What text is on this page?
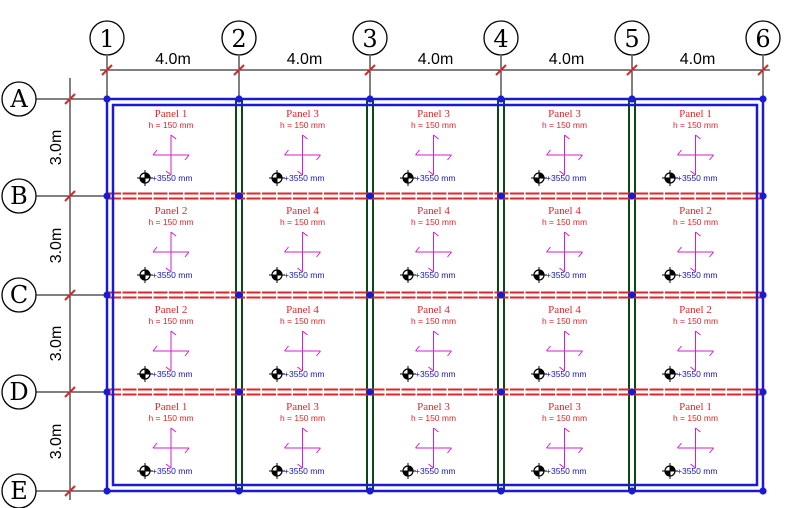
4.0m	4.0m	4.0m	4.0m	4.0m
3.0m
3.0m
3.0m
3.0m
Panel 1
h = 150 mm
+3550 mm
Panel 3
h = 150 mm
+3550 mm
Panel 3
h = 150 mm
+3550 mm
Panel 3
h = 150 mm
+3550 mm
Panel 1
h = 150 mm
+3550 mm
Panel 2
h = 150 mm
+3550 mm
Panel 4
h = 150 mm
+3550 mm
Panel 4
h = 150 mm
+3550 mm
Panel 4
h = 150 mm
+3550 mm
Panel 2
h = 150 mm
+3550 mm
Panel 2
h = 150 mm
+3550 mm
Panel 4
h = 150 mm
+3550 mm
Panel 4
h = 150 mm
+3550 mm
Panel 4
h = 150 mm
+3550 mm
Panel 2
h = 150 mm
+3550 mm
Panel 1
h = 150 mm
+3550 mm
Panel 3
h = 150 mm
+3550 mm
Panel 3
h = 150 mm
+3550 mm
Panel 3
h = 150 mm
+3550 mm
Panel 1
h = 150 mm
+3550 mm
1	2	3	4	5	6
A
B
C
D
E
